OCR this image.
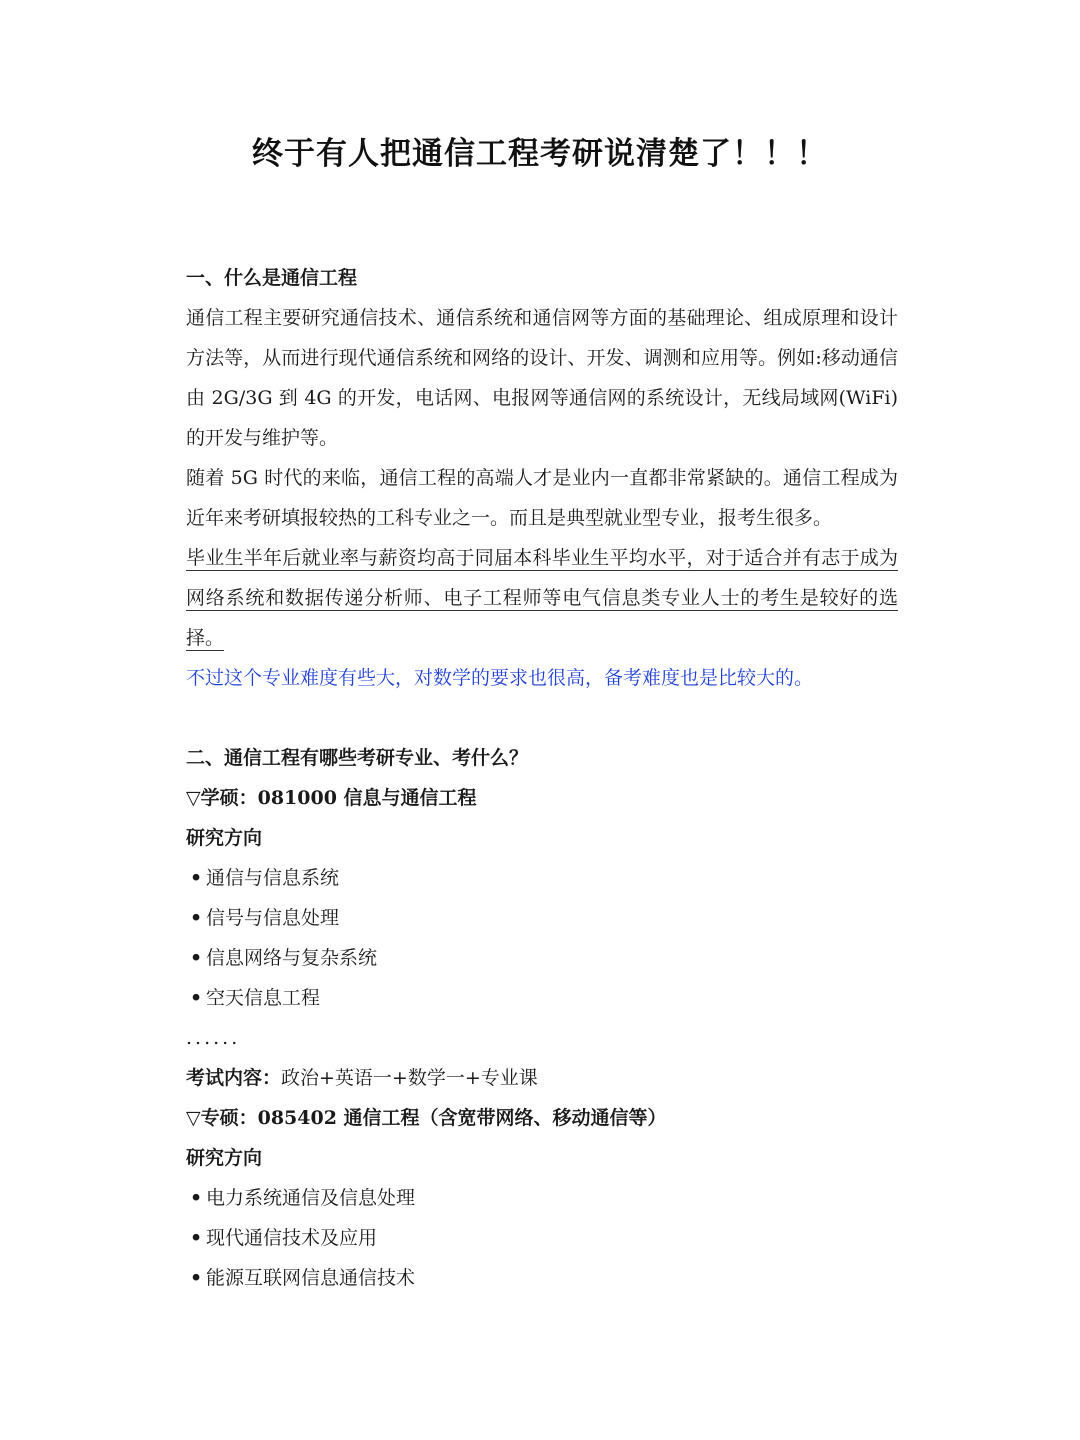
终于有人把通信工程考研说清楚了！！！

一、什么是通信工程

通信工程主要研究通信技术、通信系统和通信网等方面的基础理论、组成原理和设计方法等，从而进行现代通信系统和网络的设计、开发、调测和应用等。例如:移动通信由 2G/3G 到 4G 的开发，电话网、电报网等通信网的系统设计，无线局域网(WiFi)的开发与维护等。

随着 5G 时代的来临，通信工程的高端人才是业内一直都非常紧缺的。通信工程成为近年来考研填报较热的工科专业之一。而且是典型就业型专业，报考生很多。

毕业生半年后就业率与薪资均高于同届本科毕业生平均水平，对于适合并有志于成为网络系统和数据传递分析师、电子工程师等电气信息类专业人士的考生是较好的选择。

不过这个专业难度有些大，对数学的要求也很高，备考难度也是比较大的。

二、通信工程有哪些考研专业、考什么？

▽学硕：081000 信息与通信工程

研究方向

• 通信与信息系统

• 信号与信息处理

• 信息网络与复杂系统

• 空天信息工程

......

考试内容：政治+英语一+数学一+专业课

▽专硕：085402 通信工程（含宽带网络、移动通信等）

研究方向

• 电力系统通信及信息处理

• 现代通信技术及应用

• 能源互联网信息通信技术
